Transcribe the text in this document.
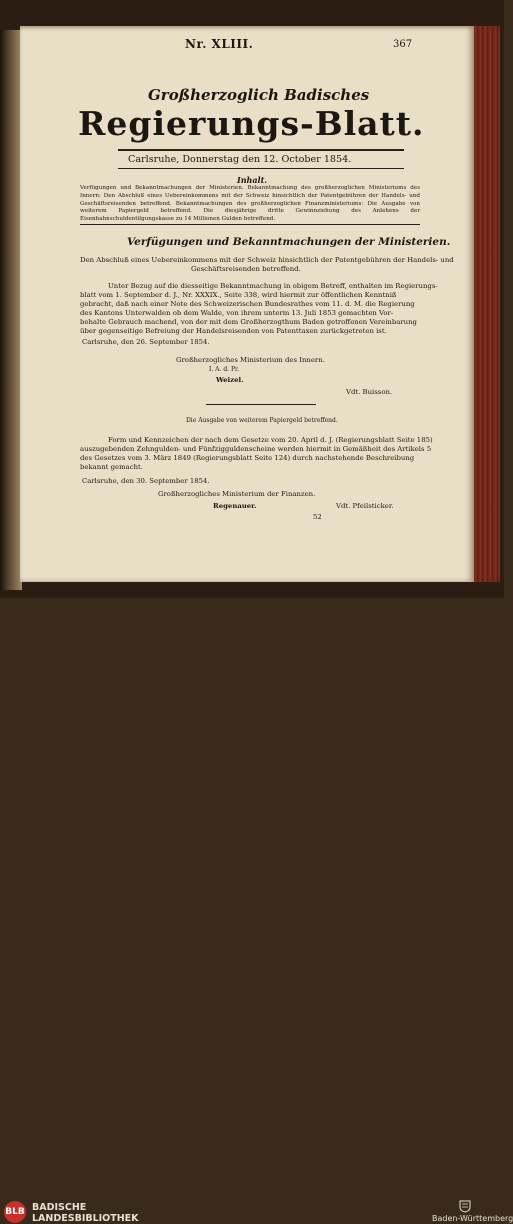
Nr. XLIII.	367
Großherzoglich Badisches
Regierungs-Blatt.
Carlsruhe, Donnerstag den 12. October 1854.
Inhalt.
Verfügungen und Bekanntmachungen der Ministerien. Bekanntmachung des großherzoglichen Ministeriums des Innern: Den Abschluß eines Uebereinkommens mit der Schweiz hinsichtlich der Patentgebühren der Handels- und Geschäftsreisenden betreffend. Bekanntmachungen des großherzoglichen Finanzministeriums: Die Ausgabe von weiterem Papiergeld betreffend. Die diesjährige dritte Gewinnziehung des Anlehens der Eisenbahnschuldentilgungskasse zu 14 Millionen Gulden betreffend.
Verfügungen und Bekanntmachungen der Ministerien.
Den Abschluß eines Uebereinkommens mit der Schweiz hinsichtlich der Patentgebühren der Handels- und
Geschäftsreisenden betreffend.
Unter Bezug auf die diesseitige Bekanntmachung in obigem Betreff, enthalten im Regierungs-
blatt vom 1. September d. J., Nr. XXXIX., Seite 338, wird hiermit zur öffentlichen Kenntniß
gebracht, daß nach einer Note des Schweizerischen Bundesrathes vom 11. d. M. die Regierung
des Kantons Unterwalden ob dem Walde, von ihrem unterm 13. Juli 1853 gemachten Vor-
behalte Gebrauch machend, von der mit dem Großherzogthum Baden getroffenen Vereinbarung
über gegenseitige Befreiung der Handelsreisenden von Patenttaxen zurückgetreten ist.
Carlsruhe, den 26. September 1854.
Großherzogliches Ministerium des Innern.
I. A. d. Pr.
Weizel.
Vdt. Buisson.
Die Ausgabe von weiterem Papiergeld betreffend.
Form und Kennzeichen der nach dem Gesetze vom 20. April d. J. (Regierungsblatt Seite 185)
auszugebenden Zehngulden- und Fünfzigguldenscheine werden hiermit in Gemäßheit des Artikels 5
des Gesetzes vom 3. März 1849 (Regierungsblatt Seite 124) durch nachstehende Beschreibung
bekannt gemacht.
Carlsruhe, den 30. September 1854.
Großherzogliches Ministerium der Finanzen.
Regenauer.	Vdt. Pfeilsticker.
52
BLB BADISCHE
LANDESBIBLIOTHEK	Baden-Württemberg
